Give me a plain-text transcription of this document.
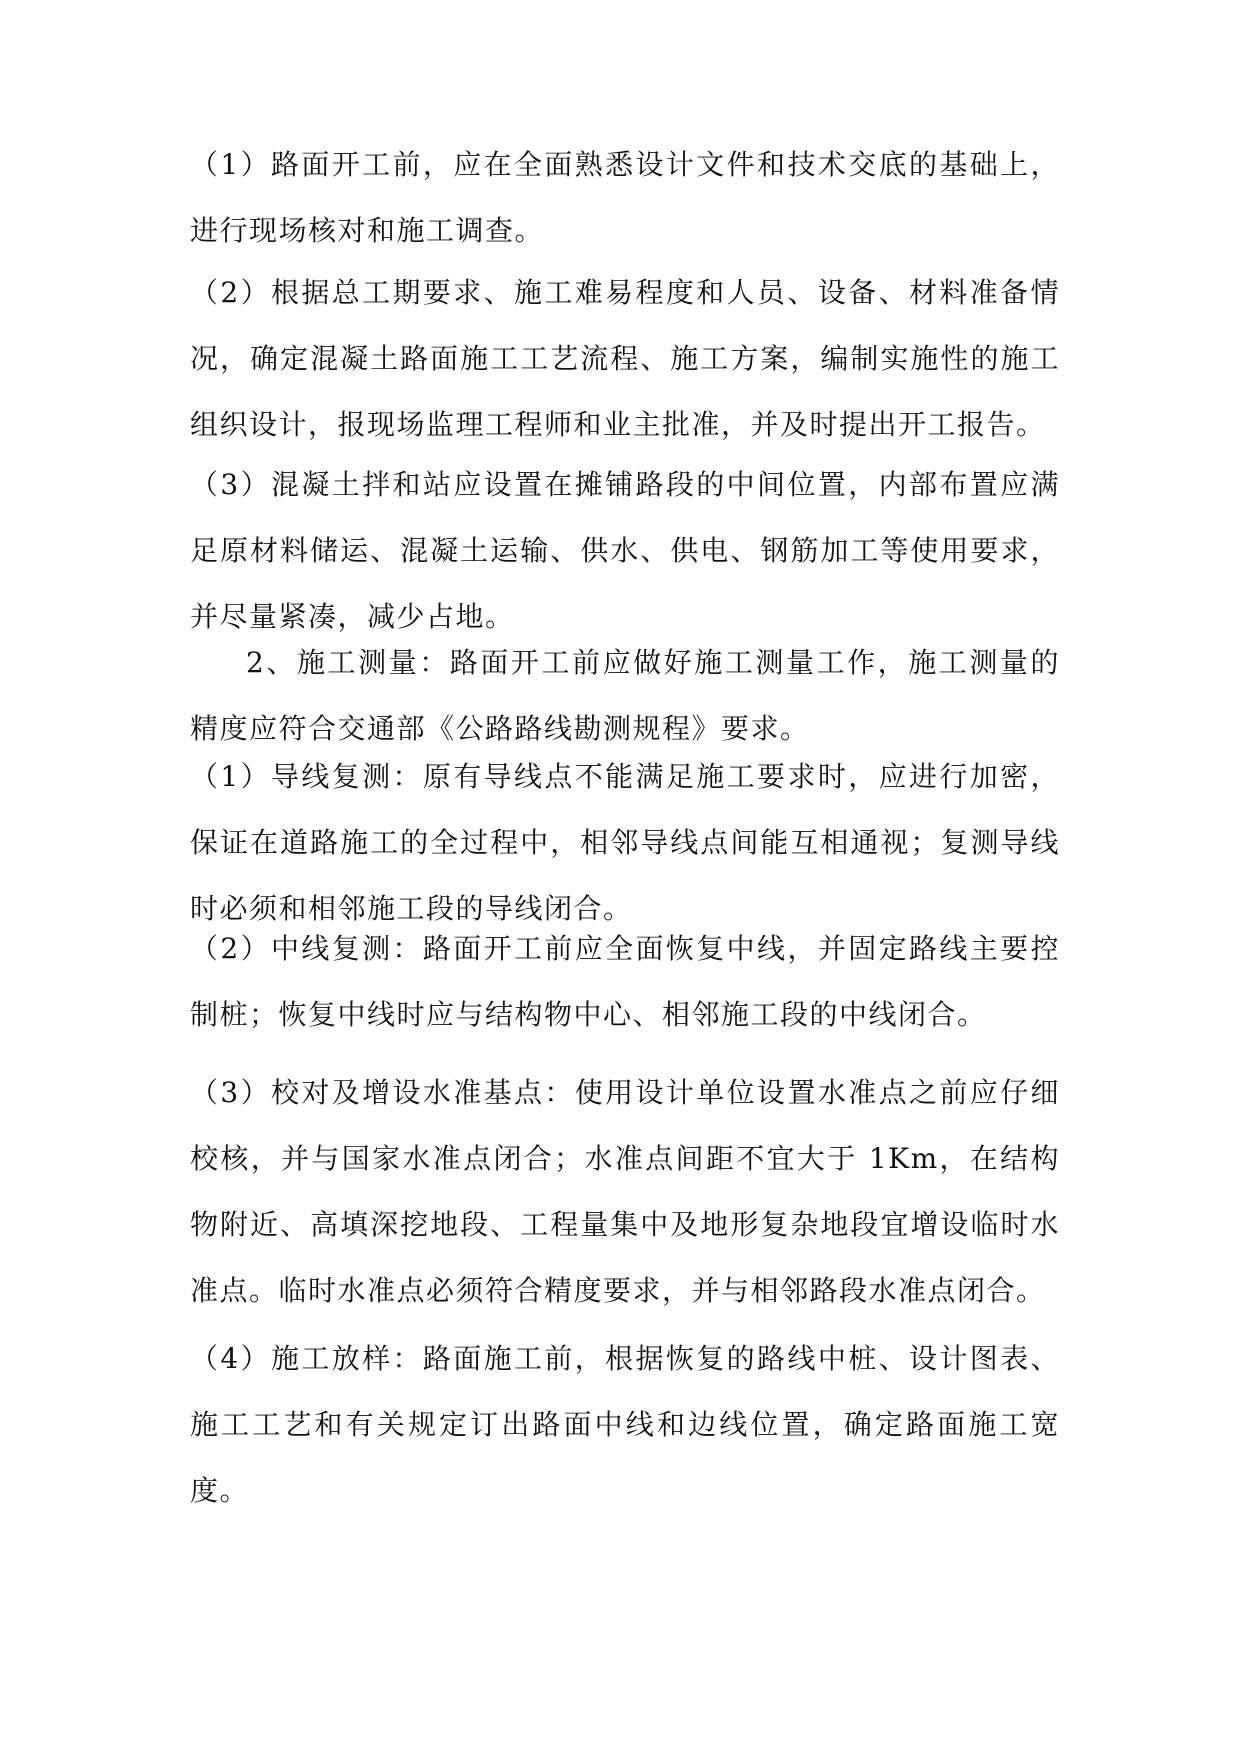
（1）路面开工前，应在全面熟悉设计文件和技术交底的基础上，进行现场核对和施工调查。

（2）根据总工期要求、施工难易程度和人员、设备、材料准备情况，确定混凝土路面施工工艺流程、施工方案，编制实施性的施工组织设计，报现场监理工程师和业主批准，并及时提出开工报告。

（3）混凝土拌和站应设置在摊铺路段的中间位置，内部布置应满足原材料储运、混凝土运输、供水、供电、钢筋加工等使用要求，并尽量紧凑，减少占地。

2、施工测量：路面开工前应做好施工测量工作，施工测量的精度应符合交通部《公路路线勘测规程》要求。

（1）导线复测：原有导线点不能满足施工要求时，应进行加密，保证在道路施工的全过程中，相邻导线点间能互相通视；复测导线时必须和相邻施工段的导线闭合。

（2）中线复测：路面开工前应全面恢复中线，并固定路线主要控制桩；恢复中线时应与结构物中心、相邻施工段的中线闭合。

（3）校对及增设水准基点：使用设计单位设置水准点之前应仔细校核，并与国家水准点闭合；水准点间距不宜大于 1Km，在结构物附近、高填深挖地段、工程量集中及地形复杂地段宜增设临时水准点。临时水准点必须符合精度要求，并与相邻路段水准点闭合。

（4）施工放样：路面施工前，根据恢复的路线中桩、设计图表、施工工艺和有关规定订出路面中线和边线位置，确定路面施工宽度。
